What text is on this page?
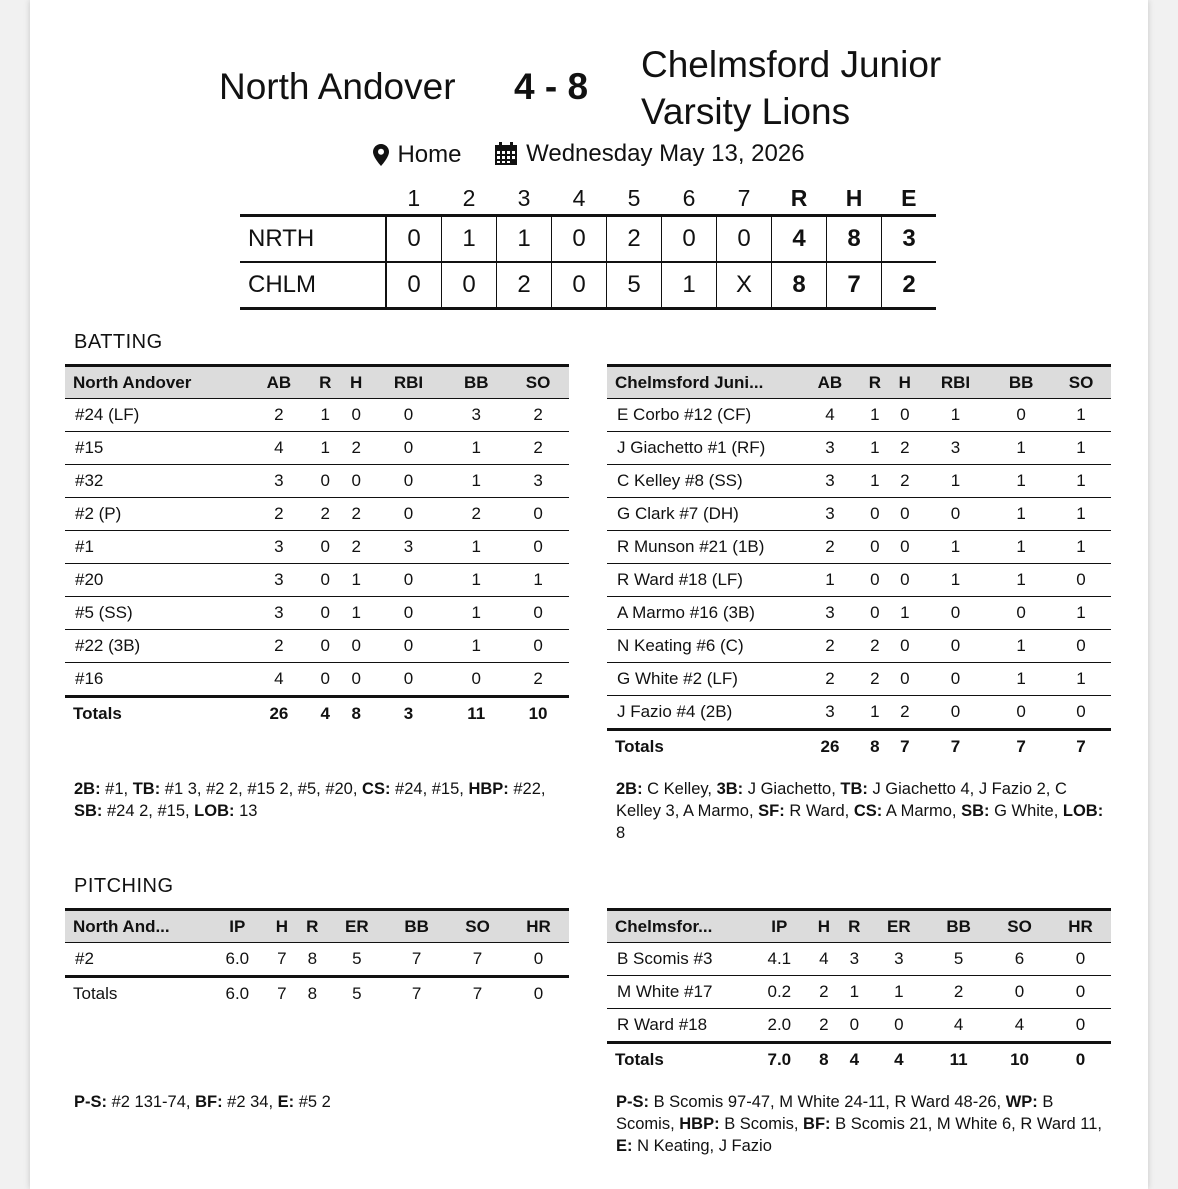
North Andover 4 - 8
Chelmsford Junior Varsity Lions
Home
	Wednesday May 13, 2026
	1	2	3	4	5	6	7	R	H	E
NRTH	0	1	1	0	2	0	0	4	8	3
CHLM	0	0	2	0	5	1	X	8	7	2
BATTING
North Andover	AB	R	H	RBI	BB	SO
#24 (LF)	2	1	0	0	3	2
#15	4	1	2	0	1	2
#32	3	0	0	0	1	3
#2 (P)	2	2	2	0	2	0
#1	3	0	2	3	1	0
#20	3	0	1	0	1	1
#5 (SS)	3	0	1	0	1	0
#22 (3B)	2	0	0	0	1	0
#16	4	0	0	0	0	2
Totals	26	4	8	3	11	10
Chelmsford Juni...	AB	R	H	RBI	BB	SO
E Corbo #12 (CF)	4	1	0	1	0	1
J Giachetto #1 (RF)	3	1	2	3	1	1
C Kelley #8 (SS)	3	1	2	1	1	1
G Clark #7 (DH)	3	0	0	0	1	1
R Munson #21 (1B)	2	0	0	1	1	1
R Ward #18 (LF)	1	0	0	1	1	0
A Marmo #16 (3B)	3	0	1	0	0	1
N Keating #6 (C)	2	2	0	0	1	0
G White #2 (LF)	2	2	0	0	1	1
J Fazio #4 (2B)	3	1	2	0	0	0
Totals	26	8	7	7	7	7
2B: #1, TB: #1 3, #2 2, #15 2, #5, #20, CS: #24, #15, HBP: #22, SB: #24 2, #15, LOB: 13
2B: C Kelley, 3B: J Giachetto, TB: J Giachetto 4, J Fazio 2, C Kelley 3, A Marmo, SF: R Ward, CS: A Marmo, SB: G White, LOB: 8
PITCHING
North And...	IP	H	R	ER	BB	SO	HR
#2	6.0	7	8	5	7	7	0
Totals	6.0	7	8	5	7	7	0
Chelmsfor...	IP	H	R	ER	BB	SO	HR
B Scomis #3	4.1	4	3	3	5	6	0
M White #17	0.2	2	1	1	2	0	0
R Ward #18	2.0	2	0	0	4	4	0
Totals	7.0	8	4	4	11	10	0
P-S: #2 131-74, BF: #2 34, E: #5 2	P-S: B Scomis 97-47, M White 24-11, R Ward 48-26, WP: B Scomis, HBP: B Scomis, BF: B Scomis 21, M White 6, R Ward 11, E: N Keating, J Fazio
